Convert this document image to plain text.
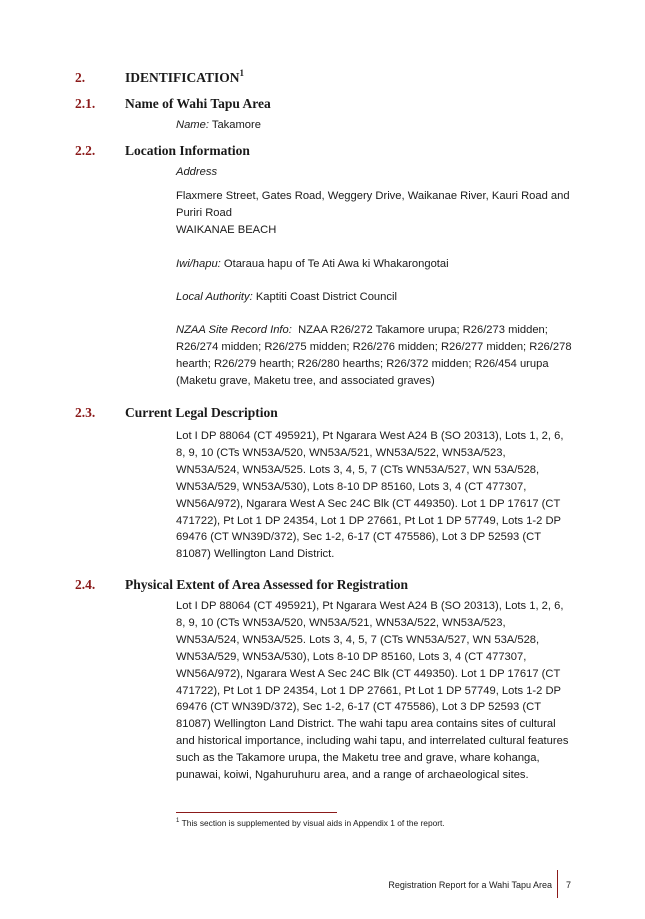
2.	IDENTIFICATION$^1$
2.1. Name of Wahi Tapu Area

Name: Takamore

2.2. Location Information

Address

Flaxmere Street, Gates Road, Weggery Drive, Waikanae River, Kauri Road and

Puriri Road

WAIKANAE BEACH

Iwi/hapu: Otaraua hapu of Te Ati Awa ki Whakarongotai

Local Authority: Kaptiti Coast District Council

NZAA Site Record Info: NZAA R26/272 Takamore urupa; R26/273 midden;

R26/274 midden; R26/275 midden; R26/276 midden; R26/277 midden; R26/278

hearth; R26/279 hearth; R26/280 hearths; R26/372 midden; R26/454 urupa

(Maketu grave, Maketu tree, and associated graves)

2.3. Current Legal Description

Lot I DP 88064 (CT 495921), Pt Ngarara West A24 B (SO 20313), Lots 1, 2, 6,

8, 9, 10 (CTs WN53A/520, WN53A/521, WN53A/522, WN53A/523,

WN53A/524, WN53A/525. Lots 3, 4, 5, 7 (CTs WN53A/527, WN 53A/528,

WN53A/529, WN53A/530), Lots 8-10 DP 85160, Lots 3, 4 (CT 477307,

WN56A/972), Ngarara West A Sec 24C Blk (CT 449350). Lot 1 DP 17617 (CT

471722), Pt Lot 1 DP 24354, Lot 1 DP 27661, Pt Lot 1 DP 57749, Lots 1-2 DP

69476 (CT WN39D/372), Sec 1-2, 6-17 (CT 475586), Lot 3 DP 52593 (CT

81087) Wellington Land District.

2.4. Physical Extent of Area Assessed for Registration

Lot I DP 88064 (CT 495921), Pt Ngarara West A24 B (SO 20313), Lots 1, 2, 6,

8, 9, 10 (CTs WN53A/520, WN53A/521, WN53A/522, WN53A/523,

WN53A/524, WN53A/525. Lots 3, 4, 5, 7 (CTs WN53A/527, WN 53A/528,

WN53A/529, WN53A/530), Lots 8-10 DP 85160, Lots 3, 4 (CT 477307,

WN56A/972), Ngarara West A Sec 24C Blk (CT 449350). Lot 1 DP 17617 (CT

471722), Pt Lot 1 DP 24354, Lot 1 DP 27661, Pt Lot 1 DP 57749, Lots 1-2 DP

69476 (CT WN39D/372), Sec 1-2, 6-17 (CT 475586), Lot 3 DP 52593 (CT

81087) Wellington Land District. The wahi tapu area contains sites of cultural

and historical importance, including wahi tapu, and interrelated cultural features

such as the Takamore urupa, the Maketu tree and grave, whare kohanga,

punawai, koiwi, Ngahuruhuru area, and a range of archaeological sites.

$^1$ This section is supplemented by visual aids in Appendix 1 of the report.
Registration Report for a Wahi Tapu Area 7
